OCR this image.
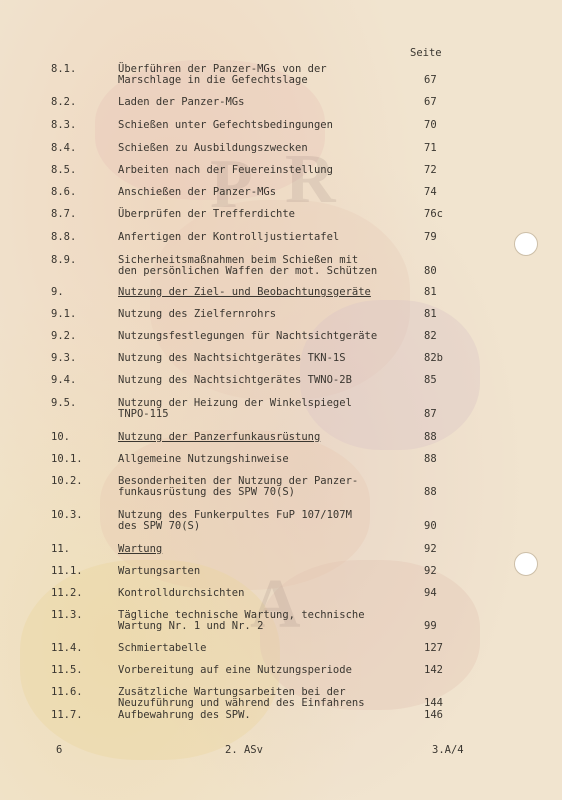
R
P
A
Seite
8.1.	Überführen der Panzer-MGs von der
Marschlage in die Gefechtslage	67
8.2.	Laden der Panzer-MGs	67
8.3.	Schießen unter Gefechtsbedingungen	70
8.4.	Schießen zu Ausbildungszwecken	71
8.5.	Arbeiten nach der Feuereinstellung	72
8.6.	Anschießen der Panzer-MGs	74
8.7.	Überprüfen der Trefferdichte	76c
8.8.	Anfertigen der Kontrolljustiertafel	79
8.9.	Sicherheitsmaßnahmen beim Schießen mit
den persönlichen Waffen der mot. Schützen	80
9.	Nutzung der Ziel- und Beobachtungsgeräte	81
9.1.	Nutzung des Zielfernrohrs	81
9.2.	Nutzungsfestlegungen für Nachtsichtgeräte	82
9.3.	Nutzung des Nachtsichtgerätes TKN-1S	82b
9.4.	Nutzung des Nachtsichtgerätes TWNO-2B	85
9.5.	Nutzung der Heizung der Winkelspiegel
TNPO-115	87
10.	Nutzung der Panzerfunkausrüstung	88
10.1.	Allgemeine Nutzungshinweise	88
10.2.	Besonderheiten der Nutzung der Panzer-
funkausrüstung des SPW 70(S)	88
10.3.	Nutzung des Funkerpultes FuP 107/107M
des SPW 70(S)	90
11.	Wartung	92
11.1.	Wartungsarten	92
11.2.	Kontrolldurchsichten	94
11.3.	Tägliche technische Wartung, technische
Wartung Nr. 1 und Nr. 2	99
11.4.	Schmiertabelle	127
11.5.	Vorbereitung auf eine Nutzungsperiode	142
11.6.	Zusätzliche Wartungsarbeiten bei der
Neuzuführung und während des Einfahrens	144
11.7.	Aufbewahrung des SPW.	146
6	2. ASv	3.A/4
